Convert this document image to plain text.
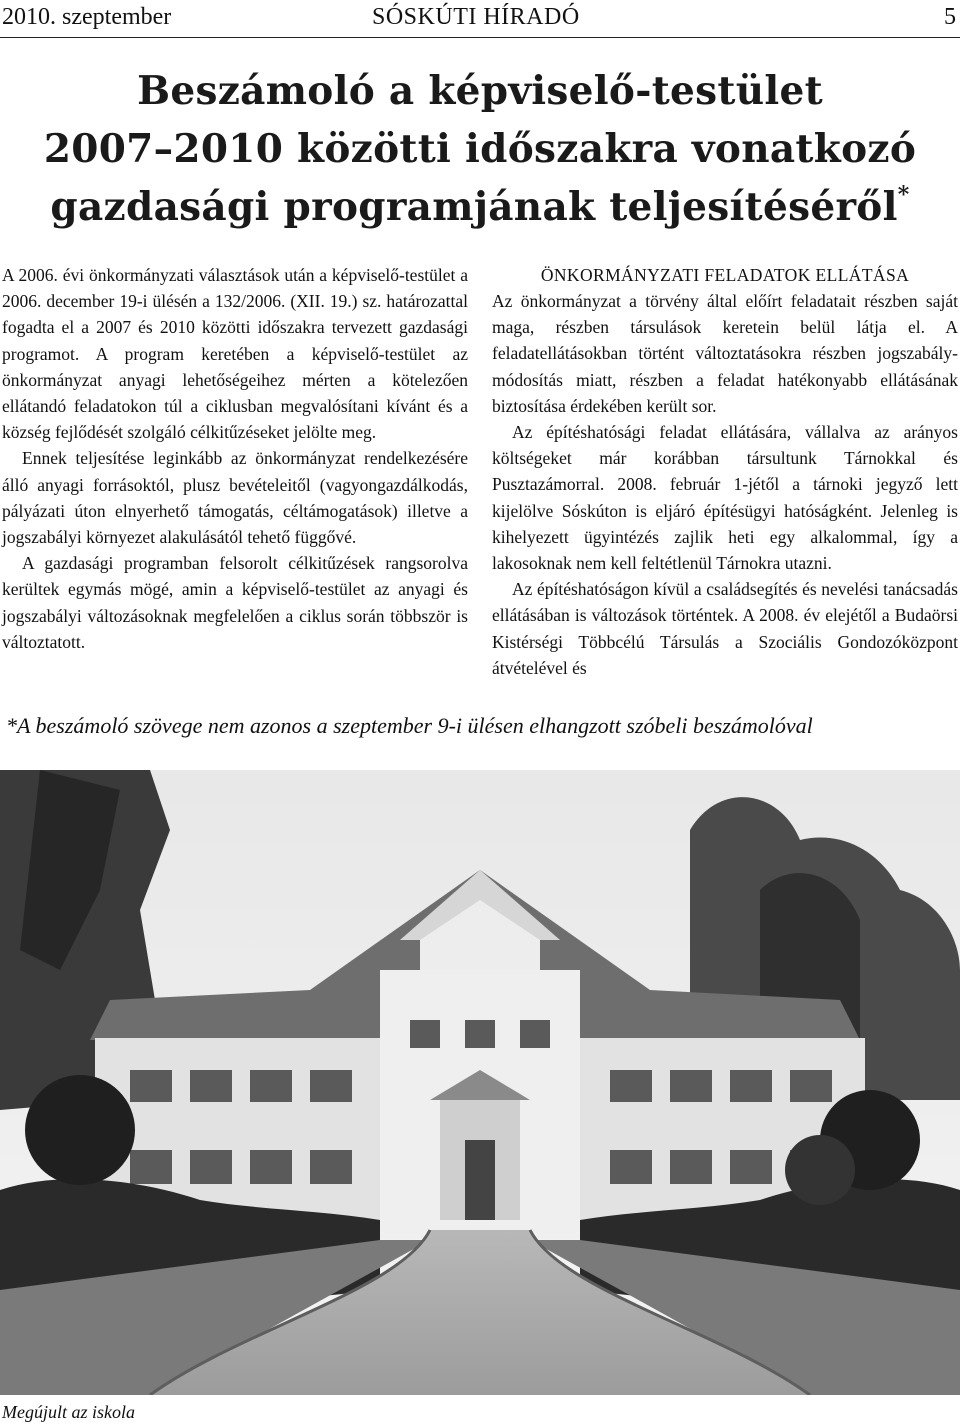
2010. szeptember	SÓSKÚTI HÍRADÓ	5
Beszámoló a képviselő-testület
2007–2010 közötti időszakra vonatkozó
gazdasági programjának teljesítéséről*

A 2006. évi önkormányzati választások után a képviselő-testület a 2006. december 19-i ülésén a 132/2006. (XII. 19.) sz. határozattal fogadta el a 2007 és 2010 közötti időszakra tervezett gazdasági programot. A program keretében a képviselő-testület az önkormányzat anyagi lehetőségeihez mérten a kötelezően ellátandó feladatokon túl a ciklusban megvalósítani kívánt és a község fejlődését szolgáló célkitűzéseket jelölte meg.

Ennek teljesítése leginkább az önkormányzat rendelkezésére álló anyagi forrásoktól, plusz bevételeitől (vagyongazdálkodás, pályázati úton elnyerhető támogatás, céltámogatások) illetve a jogszabályi környezet alakulásától tehető függővé.

A gazdasági programban felsorolt célkitűzések rangsorolva kerültek egymás mögé, amin a képviselő-testület az anyagi és jogszabályi változásoknak megfelelően a ciklus során többször is változtatott.

ÖNKORMÁNYZATI FELADATOK ELLÁTÁSA

Az önkormányzat a törvény által előírt feladatait részben saját maga, részben társulások keretein belül látja el. A feladatellátásokban történt változtatásokra részben jogszabály-módosítás miatt, részben a feladat hatékonyabb ellátásának biztosítása érdekében került sor.

Az építéshatósági feladat ellátására, vállalva az arányos költségeket már korábban társultunk Tárnokkal és Pusztazámorral. 2008. február 1-jétől a tárnoki jegyző lett kijelölve Sóskúton is eljáró építésügyi hatóságként. Jelenleg is kihelyezett ügyintézés zajlik heti egy alkalommal, így a lakosoknak nem kell feltétlenül Tárnokra utazni.

Az építéshatóságon kívül a családsegítés és nevelési tanácsadás ellátásában is változások történtek. A 2008. év elejétől a Budaörsi Kistérségi Többcélú Társulás a Szociális Gondozóközpont átvételével és

*A beszámoló szövege nem azonos a szeptember 9-i ülésen elhangzott szóbeli beszámolóval
Megújult az iskola
